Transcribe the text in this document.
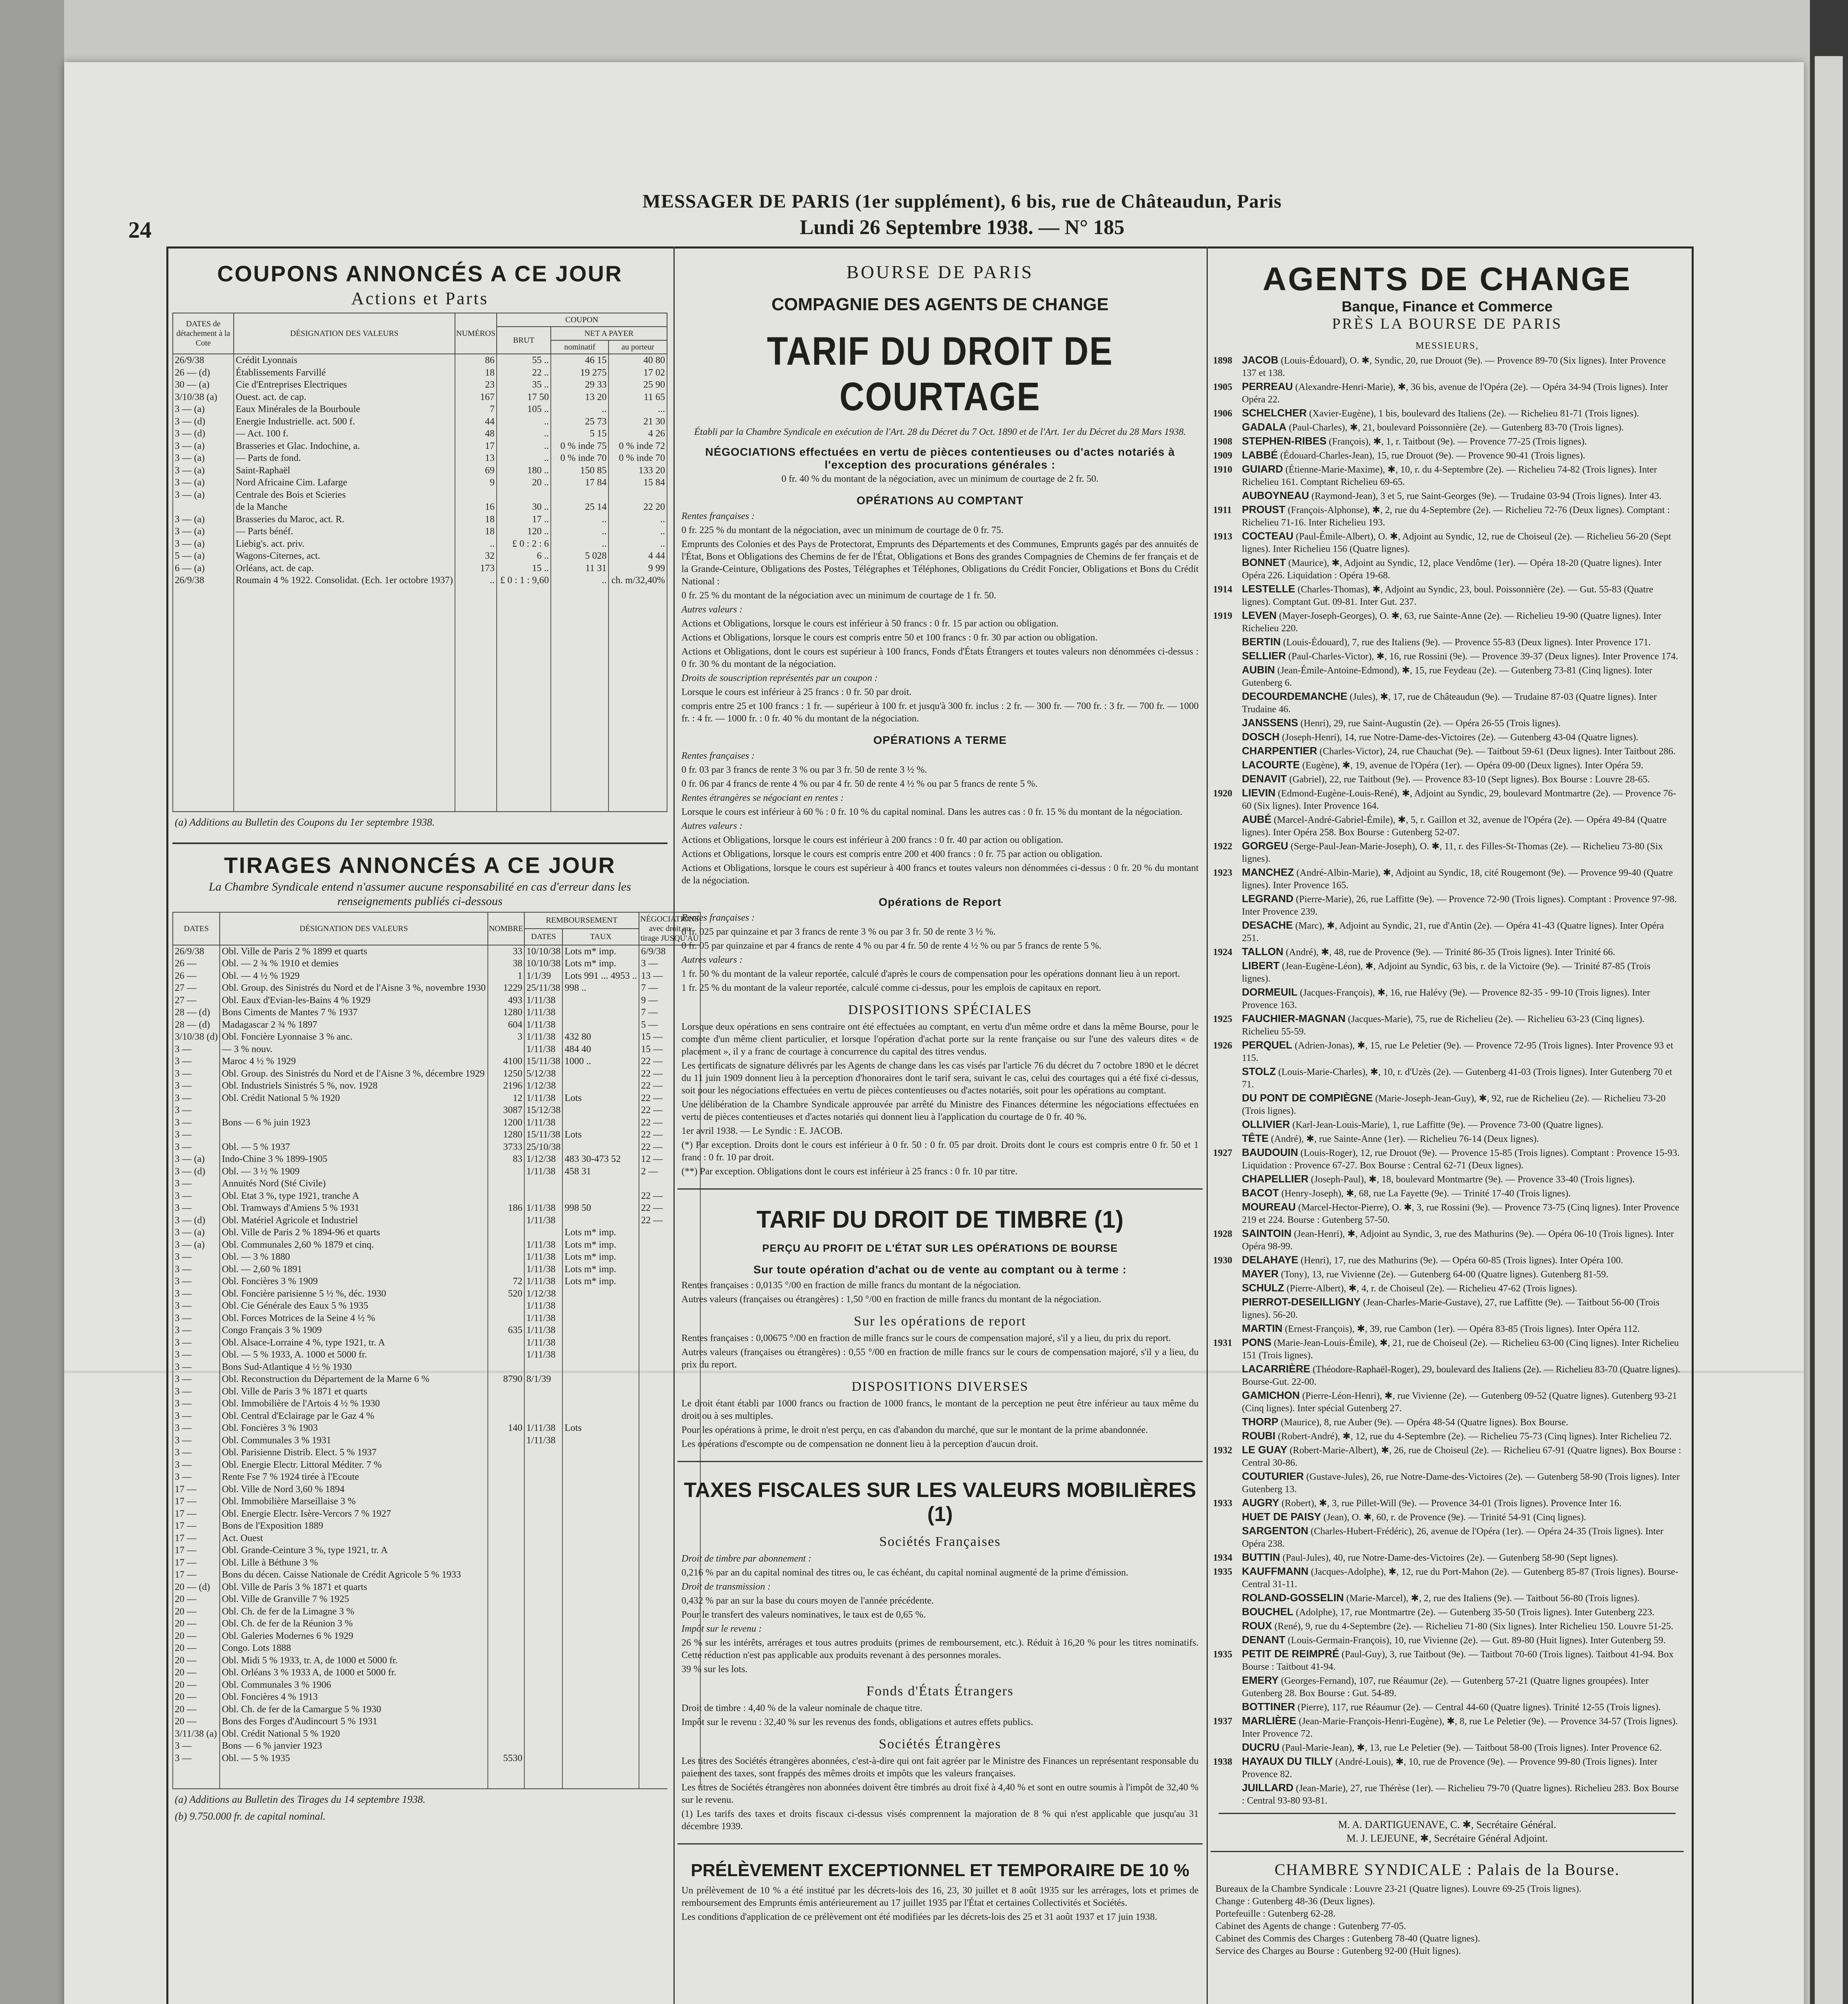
24
MESSAGER DE PARIS (1er supplément), 6 bis, rue de Châteaudun, Paris
Lundi 26 Septembre 1938. — N° 185
COUPONS ANNONCÉS A CE JOUR
Actions et Parts
DATES de détachement à la Cote	DÉSIGNATION DES VALEURS	NUMÉROS	COUPON		
			BRUT	NET A PAYER	
				nominatif	au porteur
26/9/38	Crédit Lyonnais	86	55 ..	46 15	40 80
26 — (d)	Établissements Farvillé	18	22 ..	19 275	17 02
30 — (a)	Cie d'Entreprises Electriques	23	35 ..	29 33	25 90
3/10/38 (a)	Ouest. act. de cap.	167	17 50	13 20	11 65
3 — (a)	Eaux Minérales de la Bourboule	7	105 ..	..	...
3 — (d)	Energie Industrielle. act. 500 f.	44	..	25 73	21 30
3 — (d)	— Act. 100 f.	48	..	5 15	4 26
3 — (a)	Brasseries et Glac. Indochine, a.	17	..	0 % inde 75	0 % inde 72
3 — (a)	— Parts de fond.	13	..	0 % inde 70	0 % inde 70
3 — (a)	Saint-Raphaël	69	180 ..	150 85	133 20
3 — (a)	Nord Africaine Cim. Lafarge	9	20 ..	17 84	15 84
3 — (a)	Centrale des Bois et Scieries				
	de la Manche	16	30 ..	25 14	22 20
3 — (a)	Brasseries du Maroc, act. R.	18	17 ..	..	..
3 — (a)	— Parts bénéf.	18	120 ..	..	..
3 — (a)	Liebig's. act. priv.	..	£ 0 : 2 : 6	..	..
5 — (a)	Wagons-Citernes, act.	32	6 ..	5 028	4 44
6 — (a)	Orléans, act. de cap.	173	15 ..	11 31	9 99
26/9/38	Roumain 4 % 1922. Consolidat. (Ech. 1er octobre 1937)	..	£ 0 : 1 : 9,60	..	ch. m/32,40%

(a) Additions au Bulletin des Coupons du 1er septembre 1938.
TIRAGES ANNONCÉS A CE JOUR
La Chambre Syndicale entend n'assumer aucune responsabilité en cas d'erreur dans les renseignements publiés ci-dessous
DATES	DÉSIGNATION DES VALEURS	NOMBRE	REMBOURSEMENT		NÉGOCIATIONS avec droit au tirage JUSQU'AU
			DATES	TAUX	
26/9/38	Obl. Ville de Paris 2 % 1899 et quarts	33	10/10/38	Lots m* imp.	6/9/38
26 —	Obl. — 2 ¾ % 1910 et demies	38	10/10/38	Lots m* imp.	3 —
26 —	Obl. — 4 ½ % 1929	1	1/1/39	Lots 991 ... 4953 ..	13 —
27 —	Obl. Group. des Sinistrés du Nord et de l'Aisne 3 %, novembre 1930	1229	25/11/38	998 ..	7 —
27 —	Obl. Eaux d'Evian-les-Bains 4 % 1929	493	1/11/38		9 —
28 — (d)	Bons Ciments de Mantes 7 % 1937	1280	1/11/38		7 —
28 — (d)	Madagascar 2 ¾ % 1897	604	1/11/38		5 —
3/10/38 (d)	Obl. Foncière Lyonnaise 3 % anc.	3	1/11/38	432 80	15 —
3 —	— 3 % nouv.		1/11/38	484 40	15 —
3 —	Maroc 4 ½ % 1929	4100	15/11/38	1000 ..	22 —
3 —	Obl. Group. des Sinistrés du Nord et de l'Aisne 3 %, décembre 1929	1250	5/12/38		22 —
3 —	Obl. Industriels Sinistrés 5 %, nov. 1928	2196	1/12/38		22 —
3 —	Obl. Crédit National 5 % 1920	12	1/11/38	Lots	22 —
3 —		3087	15/12/38		22 —
3 —	Bons — 6 % juin 1923	1200	1/11/38		22 —
3 —		1280	15/11/38	Lots	22 —
3 —	Obl. — 5 % 1937	3733	25/10/38		22 —
3 — (a)	Indo-Chine 3 % 1899-1905	83	1/12/38	483 30-473 52	12 —
3 — (d)	Obl. — 3 ½ % 1909		1/11/38	458 31	2 —
3 —	Annuités Nord (Sté Civile)				
3 —	Obl. Etat 3 %, type 1921, tranche A				22 —
3 —	Obl. Tramways d'Amiens 5 % 1931	186	1/11/38	998 50	22 —
3 — (d)	Obl. Matériel Agricole et Industriel		1/11/38		22 —
3 — (a)	Obl. Ville de Paris 2 % 1894-96 et quarts			Lots m* imp.	
3 — (a)	Obl. Communales 2,60 % 1879 et cinq.		1/11/38	Lots m* imp.	
3 —	Obl. — 3 % 1880		1/11/38	Lots m* imp.	
3 —	Obl. — 2,60 % 1891		1/11/38	Lots m* imp.	
3 —	Obl. Foncières 3 % 1909	72	1/11/38	Lots m* imp.	
3 —	Obl. Foncière parisienne 5 ½ %, déc. 1930	520	1/12/38		
3 —	Obl. Cie Générale des Eaux 5 % 1935		1/11/38		
3 —	Obl. Forces Motrices de la Seine 4 ½ %		1/11/38		
3 —	Congo Français 3 % 1909	635	1/11/38		
3 —	Obl. Alsace-Lorraine 4 %, type 1921, tr. A		1/11/38		
3 —	Obl. — 5 % 1933, A. 1000 et 5000 fr.		1/11/38		
3 —	Bons Sud-Atlantique 4 ½ % 1930				
3 —	Obl. Reconstruction du Département de la Marne 6 %	8790	8/1/39		
3 —	Obl. Ville de Paris 3 % 1871 et quarts				
3 —	Obl. Immobilière de l'Artois 4 ½ % 1930				
3 —	Obl. Central d'Eclairage par le Gaz 4 %				
3 —	Obl. Foncières 3 % 1903	140	1/11/38	Lots	
3 —	Obl. Communales 3 % 1931		1/11/38		
3 —	Obl. Parisienne Distrib. Elect. 5 % 1937				
3 —	Obl. Energie Electr. Littoral Méditer. 7 %				
3 —	Rente Fse 7 % 1924 tirée à l'Ecoute				
17 —	Obl. Ville de Nord 3,60 % 1894				
17 —	Obl. Immobilière Marseillaise 3 %				
17 —	Obl. Energie Electr. Isère-Vercors 7 % 1927				
17 —	Bons de l'Exposition 1889				
17 —	Act. Ouest				
17 —	Obl. Grande-Ceinture 3 %, type 1921, tr. A				
17 —	Obl. Lille à Béthune 3 %				
17 —	Bons du décen. Caisse Nationale de Crédit Agricole 5 % 1933				
20 — (d)	Obl. Ville de Paris 3 % 1871 et quarts				
20 —	Obl. Ville de Granville 7 % 1925				
20 —	Obl. Ch. de fer de la Limagne 3 %				
20 —	Obl. Ch. de fer de la Réunion 3 %				
20 —	Obl. Galeries Modernes 6 % 1929				
20 —	Congo. Lots 1888				
20 —	Obl. Midi 5 % 1933, tr. A, de 1000 et 5000 fr.				
20 —	Obl. Orléans 3 % 1933 A, de 1000 et 5000 fr.				
20 —	Obl. Communales 3 % 1906				
20 —	Obl. Foncières 4 % 1913				
20 —	Obl. Ch. de fer de la Camargue 5 % 1930				
20 —	Bons des Forges d'Audincourt 5 % 1931				
3/11/38 (a)	Obl. Crédit National 5 % 1920				
3 —	Bons — 6 % janvier 1923				
3 —	Obl. — 5 % 1935	5530			

(a) Additions au Bulletin des Tirages du 14 septembre 1938.
(b) 9.750.000 fr. de capital nominal.
BOURSE DE PARIS
COMPAGNIE DES AGENTS DE CHANGE
TARIF DU DROIT DE COURTAGE
Établi par la Chambre Syndicale en exécution de l'Art. 28 du Décret du 7 Oct. 1890 et de l'Art. 1er du Décret du 28 Mars 1938.
NÉGOCIATIONS effectuées en vertu de pièces contentieuses ou d'actes notariés à l'exception des procurations générales :
0 fr. 40 % du montant de la négociation, avec un minimum de courtage de 2 fr. 50.
OPÉRATIONS AU COMPTANT
Rentes françaises :
0 fr. 225 % du montant de la négociation, avec un minimum de courtage de 0 fr. 75.
Emprunts des Colonies et des Pays de Protectorat, Emprunts des Départements et des Communes, Emprunts gagés par des annuités de l'État, Bons et Obligations des Chemins de fer de l'État, Obligations et Bons des grandes Compagnies de Chemins de fer français et de la Grande-Ceinture, Obligations des Postes, Télégraphes et Téléphones, Obligations du Crédit Foncier, Obligations et Bons du Crédit National :
0 fr. 25 % du montant de la négociation avec un minimum de courtage de 1 fr. 50.
Autres valeurs :
Actions et Obligations, lorsque le cours est inférieur à 50 francs : 0 fr. 15 par action ou obligation.
Actions et Obligations, lorsque le cours est compris entre 50 et 100 francs : 0 fr. 30 par action ou obligation.
Actions et Obligations, dont le cours est supérieur à 100 francs, Fonds d'États Étrangers et toutes valeurs non dénommées ci-dessus : 0 fr. 30 % du montant de la négociation.
Droits de souscription représentés par un coupon :
Lorsque le cours est inférieur à 25 francs : 0 fr. 50 par droit.
compris entre 25 et 100 francs : 1 fr. — supérieur à 100 fr. et jusqu'à 300 fr. inclus : 2 fr. — 300 fr. — 700 fr. : 3 fr. — 700 fr. — 1000 fr. : 4 fr. — 1000 fr. : 0 fr. 40 % du montant de la négociation.
OPÉRATIONS A TERME
Rentes françaises :
0 fr. 03 par 3 francs de rente 3 % ou par 3 fr. 50 de rente 3 ½ %.
0 fr. 06 par 4 francs de rente 4 % ou par 4 fr. 50 de rente 4 ½ % ou par 5 francs de rente 5 %.
Rentes étrangères se négociant en rentes :
Lorsque le cours est inférieur à 60 % : 0 fr. 10 % du capital nominal. Dans les autres cas : 0 fr. 15 % du montant de la négociation.
Autres valeurs :
Actions et Obligations, lorsque le cours est inférieur à 200 francs : 0 fr. 40 par action ou obligation.
Actions et Obligations, lorsque le cours est compris entre 200 et 400 francs : 0 fr. 75 par action ou obligation.
Actions et Obligations, lorsque le cours est supérieur à 400 francs et toutes valeurs non dénommées ci-dessus : 0 fr. 20 % du montant de la négociation.
Opérations de Report
Rentes françaises :
0 fr. 025 par quinzaine et par 3 francs de rente 3 % ou par 3 fr. 50 de rente 3 ½ %.
0 fr. 05 par quinzaine et par 4 francs de rente 4 % ou par 4 fr. 50 de rente 4 ½ % ou par 5 francs de rente 5 %.
Autres valeurs :
1 fr. 50 % du montant de la valeur reportée, calculé d'après le cours de compensation pour les opérations donnant lieu à un report.
1 fr. 25 % du montant de la valeur reportée, calculé comme ci-dessus, pour les emplois de capitaux en report.
DISPOSITIONS SPÉCIALES
Lorsque deux opérations en sens contraire ont été effectuées au comptant, en vertu d'un même ordre et dans la même Bourse, pour le compte d'un même client particulier, et lorsque l'opération d'achat porte sur la rente française ou sur l'une des valeurs dites « de placement », il y a franc de courtage à concurrence du capital des titres vendus.
Les certificats de signature délivrés par les Agents de change dans les cas visés par l'article 76 du décret du 7 octobre 1890 et le décret du 11 juin 1909 donnent lieu à la perception d'honoraires dont le tarif sera, suivant le cas, celui des courtages qui a été fixé ci-dessus, soit pour les négociations effectuées en vertu de pièces contentieuses ou d'actes notariés, soit pour les opérations au comptant.
Une délibération de la Chambre Syndicale approuvée par arrêté du Ministre des Finances détermine les négociations effectuées en vertu de pièces contentieuses et d'actes notariés qui donnent lieu à l'application du courtage de 0 fr. 40 %.
1er avril 1938. — Le Syndic : E. JACOB.
(*) Par exception. Droits dont le cours est inférieur à 0 fr. 50 : 0 fr. 05 par droit. Droits dont le cours est compris entre 0 fr. 50 et 1 franc : 0 fr. 10 par droit.
(**) Par exception. Obligations dont le cours est inférieur à 25 francs : 0 fr. 10 par titre.
TARIF DU DROIT DE TIMBRE (1)
PERÇU AU PROFIT DE L'ÉTAT SUR LES OPÉRATIONS DE BOURSE
Sur toute opération d'achat ou de vente au comptant ou à terme :
Rentes françaises : 0,0135 °/00 en fraction de mille francs du montant de la négociation.
Autres valeurs (françaises ou étrangères) : 1,50 °/00 en fraction de mille francs du montant de la négociation.
Sur les opérations de report
Rentes françaises : 0,00675 °/00 en fraction de mille francs sur le cours de compensation majoré, s'il y a lieu, du prix du report.
Autres valeurs (françaises ou étrangères) : 0,55 °/00 en fraction de mille francs sur le cours de compensation majoré, s'il y a lieu, du prix du report.
DISPOSITIONS DIVERSES
Le droit étant établi par 1000 francs ou fraction de 1000 francs, le montant de la perception ne peut être inférieur au taux même du droit ou à ses multiples.
Pour les opérations à prime, le droit n'est perçu, en cas d'abandon du marché, que sur le montant de la prime abandonnée.
Les opérations d'escompte ou de compensation ne donnent lieu à la perception d'aucun droit.
TAXES FISCALES SUR LES VALEURS MOBILIÈRES (1)
Sociétés Françaises
Droit de timbre par abonnement :
0,216 % par an du capital nominal des titres ou, le cas échéant, du capital nominal augmenté de la prime d'émission.
Droit de transmission :
0,432 % par an sur la base du cours moyen de l'année précédente.
Pour le transfert des valeurs nominatives, le taux est de 0,65 %.
Impôt sur le revenu :
26 % sur les intérêts, arrérages et tous autres produits (primes de remboursement, etc.). Réduit à 16,20 % pour les titres nominatifs. Cette réduction n'est pas applicable aux produits revenant à des personnes morales.
39 % sur les lots.
Fonds d'États Étrangers
Droit de timbre : 4,40 % de la valeur nominale de chaque titre.
Impôt sur le revenu : 32,40 % sur les revenus des fonds, obligations et autres effets publics.
Sociétés Étrangères
Les titres des Sociétés étrangères abonnées, c'est-à-dire qui ont fait agréer par le Ministre des Finances un représentant responsable du paiement des taxes, sont frappés des mêmes droits et impôts que les valeurs françaises.
Les titres de Sociétés étrangères non abonnées doivent être timbrés au droit fixé à 4,40 % et sont en outre soumis à l'impôt de 32,40 % sur le revenu.
(1) Les tarifs des taxes et droits fiscaux ci-dessus visés comprennent la majoration de 8 % qui n'est applicable que jusqu'au 31 décembre 1939.
PRÉLÈVEMENT EXCEPTIONNEL ET TEMPORAIRE DE 10 %
Un prélèvement de 10 % a été institué par les décrets-lois des 16, 23, 30 juillet et 8 août 1935 sur les arrérages, lots et primes de remboursement des Emprunts émis antérieurement au 17 juillet 1935 par l'État et certaines Collectivités et Sociétés.
Les conditions d'application de ce prélèvement ont été modifiées par les décrets-lois des 25 et 31 août 1937 et 17 juin 1938.
AGENTS DE CHANGE
Banque, Finance et Commerce
PRÈS LA BOURSE DE PARIS
MESSIEURS,
1898 JACOB (Louis-Édouard), O. ✱, Syndic, 20, rue Drouot (9e). — Provence 89-70 (Six lignes). Inter Provence 137 et 138.
1905 PERREAU (Alexandre-Henri-Marie), ✱, 36 bis, avenue de l'Opéra (2e). — Opéra 34-94 (Trois lignes). Inter Opéra 22.
1906 SCHELCHER (Xavier-Eugène), 1 bis, boulevard des Italiens (2e). — Richelieu 81-71 (Trois lignes).
GADALA (Paul-Charles), ✱, 21, boulevard Poissonnière (2e). — Gutenberg 83-70 (Trois lignes).
1908 STEPHEN-RIBES (François), ✱, 1, r. Taitbout (9e). — Provence 77-25 (Trois lignes).
1909 LABBÉ (Édouard-Charles-Jean), 15, rue Drouot (9e). — Provence 90-41 (Trois lignes).
1910 GUIARD (Étienne-Marie-Maxime), ✱, 10, r. du 4-Septembre (2e). — Richelieu 74-82 (Trois lignes). Inter Richelieu 161. Comptant Richelieu 69-65.
AUBOYNEAU (Raymond-Jean), 3 et 5, rue Saint-Georges (9e). — Trudaine 03-94 (Trois lignes). Inter 43.
1911 PROUST (François-Alphonse), ✱, 2, rue du 4-Septembre (2e). — Richelieu 72-76 (Deux lignes). Comptant : Richelieu 71-16. Inter Richelieu 193.
1913 COCTEAU (Paul-Émile-Albert), O. ✱, Adjoint au Syndic, 12, rue de Choiseul (2e). — Richelieu 56-20 (Sept lignes). Inter Richelieu 156 (Quatre lignes).
BONNET (Maurice), ✱, Adjoint au Syndic, 12, place Vendôme (1er). — Opéra 18-20 (Quatre lignes). Inter Opéra 226. Liquidation : Opéra 19-68.
1914 LESTELLE (Charles-Thomas), ✱, Adjoint au Syndic, 23, boul. Poissonnière (2e). — Gut. 55-83 (Quatre lignes). Comptant Gut. 09-81. Inter Gut. 237.
1919 LEVEN (Mayer-Joseph-Georges), O. ✱, 63, rue Sainte-Anne (2e). — Richelieu 19-90 (Quatre lignes). Inter Richelieu 220.
BERTIN (Louis-Édouard), 7, rue des Italiens (9e). — Provence 55-83 (Deux lignes). Inter Provence 171.
SELLIER (Paul-Charles-Victor), ✱, 16, rue Rossini (9e). — Provence 39-37 (Deux lignes). Inter Provence 174.
AUBIN (Jean-Émile-Antoine-Edmond), ✱, 15, rue Feydeau (2e). — Gutenberg 73-81 (Cinq lignes). Inter Gutenberg 6.
DECOURDEMANCHE (Jules), ✱, 17, rue de Châteaudun (9e). — Trudaine 87-03 (Quatre lignes). Inter Trudaine 46.
JANSSENS (Henri), 29, rue Saint-Augustin (2e). — Opéra 26-55 (Trois lignes).
DOSCH (Joseph-Henri), 14, rue Notre-Dame-des-Victoires (2e). — Gutenberg 43-04 (Quatre lignes).
CHARPENTIER (Charles-Victor), 24, rue Chauchat (9e). — Taitbout 59-61 (Deux lignes). Inter Taitbout 286.
LACOURTE (Eugène), ✱, 19, avenue de l'Opéra (1er). — Opéra 09-00 (Deux lignes). Inter Opéra 59.
DENAVIT (Gabriel), 22, rue Taitbout (9e). — Provence 83-10 (Sept lignes). Box Bourse : Louvre 28-65.
1920 LIEVIN (Edmond-Eugène-Louis-René), ✱, Adjoint au Syndic, 29, boulevard Montmartre (2e). — Provence 76-60 (Six lignes). Inter Provence 164.
AUBÉ (Marcel-André-Gabriel-Émile), ✱, 5, r. Gaillon et 32, avenue de l'Opéra (2e). — Opéra 49-84 (Quatre lignes). Inter Opéra 258. Box Bourse : Gutenberg 52-07.
1922 GORGEU (Serge-Paul-Jean-Marie-Joseph), O. ✱, 11, r. des Filles-St-Thomas (2e). — Richelieu 73-80 (Six lignes).
1923 MANCHEZ (André-Albin-Marie), ✱, Adjoint au Syndic, 18, cité Rougemont (9e). — Provence 99-40 (Quatre lignes). Inter Provence 165.
LEGRAND (Pierre-Marie), 26, rue Laffitte (9e). — Provence 72-90 (Trois lignes). Comptant : Provence 97-98. Inter Provence 239.
DESACHE (Marc), ✱, Adjoint au Syndic, 21, rue d'Antin (2e). — Opéra 41-43 (Quatre lignes). Inter Opéra 251.
1924 TALLON (André), ✱, 48, rue de Provence (9e). — Trinité 86-35 (Trois lignes). Inter Trinité 66.
LIBERT (Jean-Eugène-Léon), ✱, Adjoint au Syndic, 63 bis, r. de la Victoire (9e). — Trinité 87-85 (Trois lignes).
DORMEUIL (Jacques-François), ✱, 16, rue Halévy (9e). — Provence 82-35 - 99-10 (Trois lignes). Inter Provence 163.
1925 FAUCHIER-MAGNAN (Jacques-Marie), 75, rue de Richelieu (2e). — Richelieu 63-23 (Cinq lignes). Richelieu 55-59.
1926 PERQUEL (Adrien-Jonas), ✱, 15, rue Le Peletier (9e). — Provence 72-95 (Trois lignes). Inter Provence 93 et 115.
STOLZ (Louis-Marie-Charles), ✱, 10, r. d'Uzès (2e). — Gutenberg 41-03 (Trois lignes). Inter Gutenberg 70 et 71.
DU PONT DE COMPIÈGNE (Marie-Joseph-Jean-Guy), ✱, 92, rue de Richelieu (2e). — Richelieu 73-20 (Trois lignes).
OLLIVIER (Karl-Jean-Louis-Marie), 1, rue Laffitte (9e). — Provence 73-00 (Quatre lignes).
TÊTE (André), ✱, rue Sainte-Anne (1er). — Richelieu 76-14 (Deux lignes).
1927 BAUDOUIN (Louis-Roger), 12, rue Drouot (9e). — Provence 15-85 (Trois lignes). Comptant : Provence 15-93. Liquidation : Provence 67-27. Box Bourse : Central 62-71 (Deux lignes).
CHAPELLIER (Joseph-Paul), ✱, 18, boulevard Montmartre (9e). — Provence 33-40 (Trois lignes).
BACOT (Henry-Joseph), ✱, 68, rue La Fayette (9e). — Trinité 17-40 (Trois lignes).
MOUREAU (Marcel-Hector-Pierre), O. ✱, 3, rue Rossini (9e). — Provence 73-75 (Cinq lignes). Inter Provence 219 et 224. Bourse : Gutenberg 57-50.
1928 SAINTOIN (Jean-Henri), ✱, Adjoint au Syndic, 3, rue des Mathurins (9e). — Opéra 06-10 (Trois lignes). Inter Opéra 98-99.
1930 DELAHAYE (Henri), 17, rue des Mathurins (9e). — Opéra 60-85 (Trois lignes). Inter Opéra 100.
MAYER (Tony), 13, rue Vivienne (2e). — Gutenberg 64-00 (Quatre lignes). Gutenberg 81-59.
SCHULZ (Pierre-Albert), ✱, 4, r. de Choiseul (2e). — Richelieu 47-62 (Trois lignes).
PIERROT-DESEILLIGNY (Jean-Charles-Marie-Gustave), 27, rue Laffitte (9e). — Taitbout 56-00 (Trois lignes). 56-20.
MARTIN (Ernest-François), ✱, 39, rue Cambon (1er). — Opéra 83-85 (Trois lignes). Inter Opéra 112.
1931 PONS (Marie-Jean-Louis-Émile), ✱, 21, rue de Choiseul (2e). — Richelieu 63-00 (Cinq lignes). Inter Richelieu 151 (Trois lignes).
LACARRIÈRE (Théodore-Raphaël-Roger), 29, boulevard des Italiens (2e). — Richelieu 83-70 (Quatre lignes). Bourse-Gut. 22-00.
GAMICHON (Pierre-Léon-Henri), ✱, rue Vivienne (2e). — Gutenberg 09-52 (Quatre lignes). Gutenberg 93-21 (Cinq lignes). Inter spécial Gutenberg 27.
THORP (Maurice), 8, rue Auber (9e). — Opéra 48-54 (Quatre lignes). Box Bourse.
ROUBI (Robert-André), ✱, 12, rue du 4-Septembre (2e). — Richelieu 75-73 (Cinq lignes). Inter Richelieu 72.
1932 LE GUAY (Robert-Marie-Albert), ✱, 26, rue de Choiseul (2e). — Richelieu 67-91 (Quatre lignes). Box Bourse : Central 30-86.
COUTURIER (Gustave-Jules), 26, rue Notre-Dame-des-Victoires (2e). — Gutenberg 58-90 (Trois lignes). Inter Gutenberg 13.
1933 AUGRY (Robert), ✱, 3, rue Pillet-Will (9e). — Provence 34-01 (Trois lignes). Provence Inter 16.
HUET DE PAISY (Jean), O. ✱, 60, r. de Provence (9e). — Trinité 54-91 (Cinq lignes).
SARGENTON (Charles-Hubert-Frédéric), 26, avenue de l'Opéra (1er). — Opéra 24-35 (Trois lignes). Inter Opéra 238.
1934 BUTTIN (Paul-Jules), 40, rue Notre-Dame-des-Victoires (2e). — Gutenberg 58-90 (Sept lignes).
1935 KAUFFMANN (Jacques-Adolphe), ✱, 12, rue du Port-Mahon (2e). — Gutenberg 85-87 (Trois lignes). Bourse-Central 31-11.
ROLAND-GOSSELIN (Marie-Marcel), ✱, 2, rue des Italiens (9e). — Taitbout 56-80 (Trois lignes).
BOUCHEL (Adolphe), 17, rue Montmartre (2e). — Gutenberg 35-50 (Trois lignes). Inter Gutenberg 223.
ROUX (René), 9, rue du 4-Septembre (2e). — Richelieu 71-80 (Six lignes). Inter Richelieu 150. Louvre 51-25.
DENANT (Louis-Germain-François), 10, rue Vivienne (2e). — Gut. 89-80 (Huit lignes). Inter Gutenberg 59.
1935 PETIT DE REIMPRÉ (Paul-Guy), 3, rue Taitbout (9e). — Taitbout 70-60 (Trois lignes). Taitbout 41-94. Box Bourse : Taitbout 41-94.
EMERY (Georges-Fernand), 107, rue Réaumur (2e). — Gutenberg 57-21 (Quatre lignes groupées). Inter Gutenberg 28. Box Bourse : Gut. 54-89.
BOTTINER (Pierre), 117, rue Réaumur (2e). — Central 44-60 (Quatre lignes). Trinité 12-55 (Trois lignes).
1937 MARLIÈRE (Jean-Marie-François-Henri-Eugène), ✱, 8, rue Le Peletier (9e). — Provence 34-57 (Trois lignes). Inter Provence 72.
DUCRU (Paul-Marie-Jean), ✱, 13, rue Le Peletier (9e). — Taitbout 58-00 (Trois lignes). Inter Provence 62.
1938 HAYAUX DU TILLY (André-Louis), ✱, 10, rue de Provence (9e). — Provence 99-80 (Trois lignes). Inter Provence 82.
JUILLARD (Jean-Marie), 27, rue Thérèse (1er). — Richelieu 79-70 (Quatre lignes). Richelieu 283. Box Bourse : Central 93-80 93-81.
M. A. DARTIGUENAVE, C. ✱, Secrétaire Général.
M. J. LEJEUNE, ✱, Secrétaire Général Adjoint.
CHAMBRE SYNDICALE : Palais de la Bourse.
Bureaux de la Chambre Syndicale : Louvre 23-21 (Quatre lignes). Louvre 69-25 (Trois lignes).
Change : Gutenberg 48-36 (Deux lignes).
Portefeuille : Gutenberg 62-28.
Cabinet des Agents de change : Gutenberg 77-05.
Cabinet des Commis des Charges : Gutenberg 78-40 (Quatre lignes).
Service des Charges au Bourse : Gutenberg 92-00 (Huit lignes).
